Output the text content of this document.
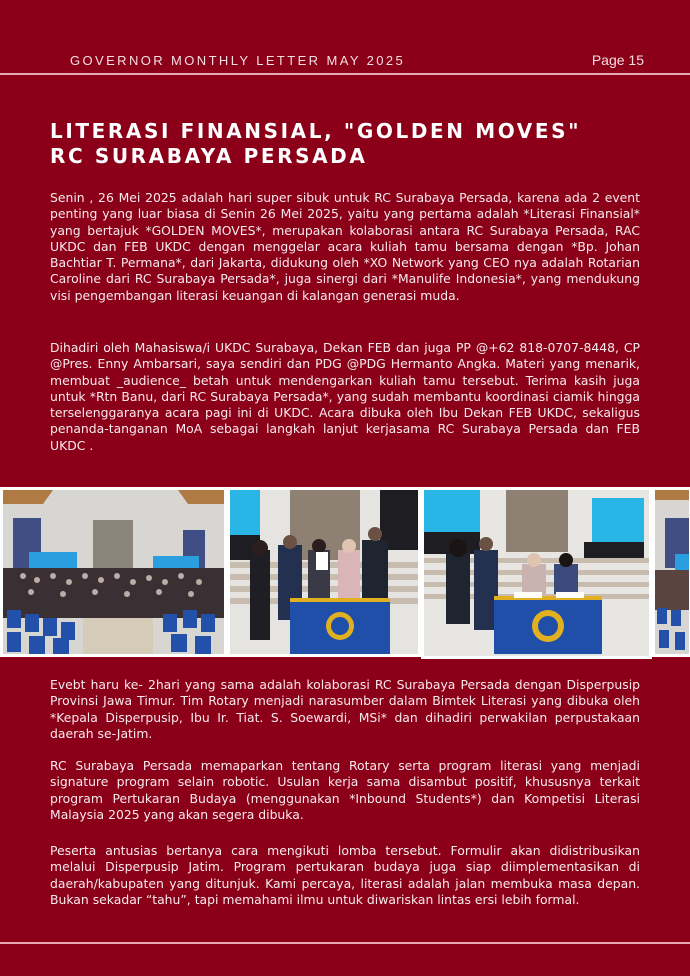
GOVERNOR MONTHLY LETTER MAY 2025	Page 15
LITERASI FINANSIAL, "GOLDEN MOVES"
RC SURABAYA PERSADA

Senin , 26 Mei 2025 adalah hari super sibuk untuk RC Surabaya Persada, karena ada 2 event penting yang luar biasa di Senin 26 Mei 2025, yaitu yang pertama adalah *Literasi Finansial* yang bertajuk *GOLDEN MOVES*, merupakan kolaborasi antara RC Surabaya Persada, RAC UKDC dan FEB UKDC dengan menggelar acara kuliah tamu bersama dengan *Bp. Johan Bachtiar T. Permana*, dari Jakarta, didukung oleh *XO Network yang CEO nya adalah Rotarian Caroline dari RC Surabaya Persada*, juga sinergi dari *Manulife Indonesia*, yang mendukung visi pengembangan literasi keuangan di kalangan generasi muda.

Dihadiri oleh Mahasiswa/i UKDC Surabaya, Dekan FEB dan juga PP @+62 818-0707-8448, CP @Pres. Enny Ambarsari, saya sendiri dan PDG @PDG Hermanto Angka. Materi yang menarik, membuat _audience_ betah untuk mendengarkan kuliah tamu tersebut. Terima kasih juga untuk *Rtn Banu, dari RC Surabaya Persada*, yang sudah membantu koordinasi ciamik hingga terselenggaranya acara pagi ini di UKDC. Acara dibuka oleh Ibu Dekan FEB UKDC, sekaligus penanda-tanganan MoA sebagai langkah lanjut kerjasama RC Surabaya Persada dan FEB UKDC .

Evebt haru ke- 2hari yang sama adalah kolaborasi RC Surabaya Persada dengan Disperpusip Provinsi Jawa Timur. Tim Rotary menjadi narasumber dalam Bimtek Literasi yang dibuka oleh *Kepala Disperpusip, Ibu Ir. Tiat. S. Soewardi, MSi* dan dihadiri perwakilan perpustakaan daerah se-Jatim.

RC Surabaya Persada memaparkan tentang Rotary serta program literasi yang menjadi signature program selain robotic. Usulan kerja sama disambut positif, khususnya terkait program Pertukaran Budaya (menggunakan *Inbound Students*) dan Kompetisi Literasi Malaysia 2025 yang akan segera dibuka.

Peserta antusias bertanya cara mengikuti lomba tersebut. Formulir akan didistribusikan melalui Disperpusip Jatim. Program pertukaran budaya juga siap diimplementasikan di daerah/kabupaten yang ditunjuk. Kami percaya, literasi adalah jalan membuka masa depan. Bukan sekadar “tahu”, tapi memahami ilmu untuk diwariskan lintas ersi lebih formal.
